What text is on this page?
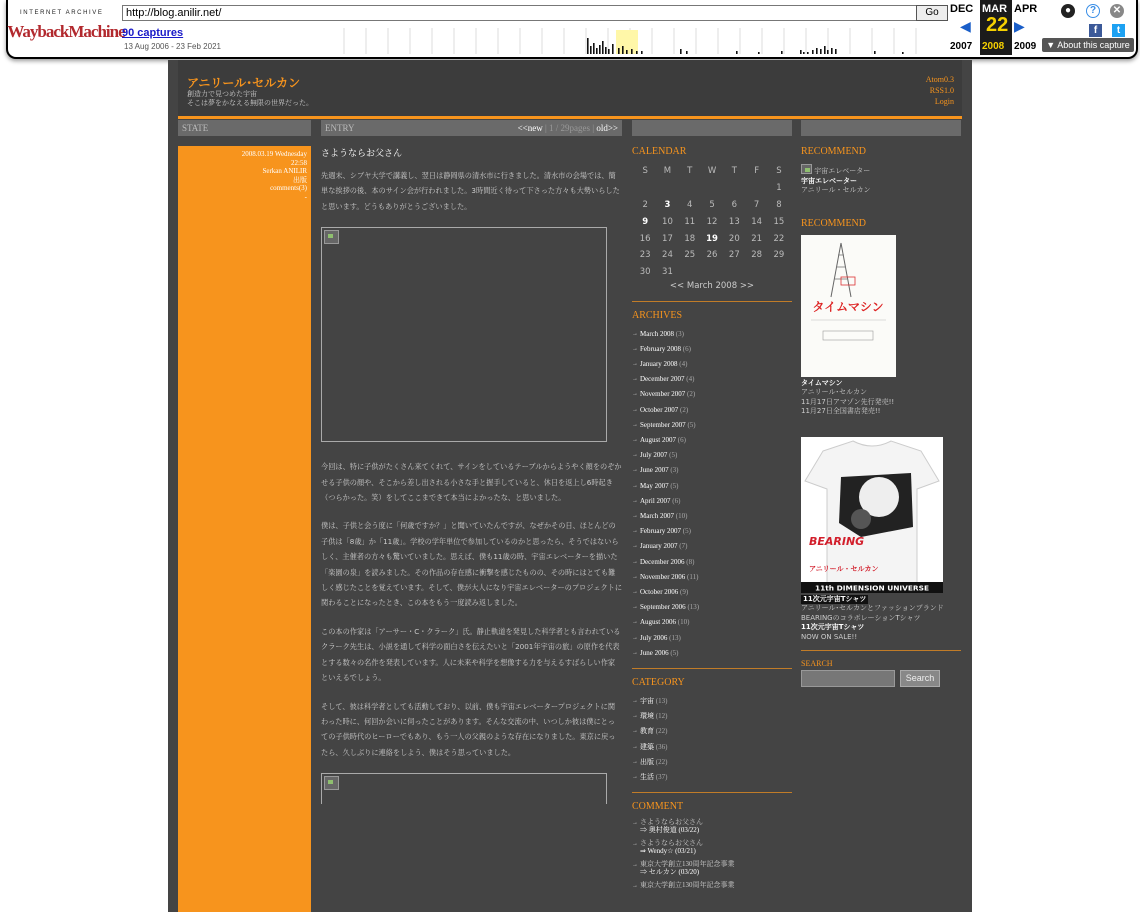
INTERNET ARCHIVE
WaybackMachine
http://blog.anilir.net/	Go
90 captures
13 Aug 2006 - 23 Feb 2021
DEC MAR
22
2008
APR
◀	▶
2007	2009
●	?	✕
f	t
▼ About this capture
アニリール･セルカン
創造力で見つめた宇宙
そこは夢をかなえる無限の世界だった。
Atom0.3
RSS1.0
Login
STATE	ENTRY	<<new | 1 / 29pages | old>>
2008.03.19 Wednesday
22:58
Serkan ANILIR
出版
comments(3)
-
さようならお父さん

先週末、シブヤ大学で講義し、翌日は静岡県の清水市に行きました。清水市の会場では、簡単な挨拶の後、本のサイン会が行われました。3時間近く待って下さった方々も大勢いらしたと思います。どうもありがとうございました。

今回は、特に子供がたくさん来てくれて、サインをしているテーブルからようやく顔をのぞかせる子供の顔や、そこから差し出される小さな手と握手していると、休日を返上し6時起き（つらかった。笑）をしてここまできて本当によかったな、と思いました。

僕は、子供と会う度に「何歳ですか？」と聞いていたんですが、なぜかその日、ほとんどの子供は「8歳」か「11歳」。学校の学年単位で参加しているのかと思ったら、そうではないらしく、主催者の方々も驚いていました。思えば、僕も11歳の時、宇宙エレベーターを描いた「楽園の泉」を読みました。その作品の存在感に衝撃を感じたものの、その時にはとても難しく感じたことを覚えています。そして、僕が大人になり宇宙エレベーターのプロジェクトに関わることになったとき、この本をもう一度読み返しました。

この本の作家は「アーサー・C・クラーク」氏。静止軌道を発見した科学者とも言われているクラーク先生は、小説を通して科学の面白さを伝えたいと「2001年宇宙の旅」の原作を代表とする数々の名作を発表しています。人に未来や科学を想像する力を与えるすばらしい作家といえるでしょう。

そして、彼は科学者としても活動しており、以前、僕も宇宙エレベータープロジェクトに関わった時に、何回か会いに伺ったことがあります。そんな交流の中、いつしか彼は僕にとっての子供時代のヒーローでもあり、もう一人の父親のような存在になりました。東京に戻ったら、久しぶりに連絡をしよう、僕はそう思っていました。

CALENDAR
S	M	T	W	T	F	S
						1
2	3	4	5	6	7	8
9	10	11	12	13	14	15
16	17	18	19	20	21	22
23	24	25	26	27	28	29
30	31					
<< March 2008 >>
ARCHIVES
→ March 2008 (3)
→ February 2008 (6)
→ January 2008 (4)
→ December 2007 (4)
→ November 2007 (2)
→ October 2007 (2)
→ September 2007 (5)
→ August 2007 (6)
→ July 2007 (5)
→ June 2007 (3)
→ May 2007 (5)
→ April 2007 (6)
→ March 2007 (10)
→ February 2007 (5)
→ January 2007 (7)
→ December 2006 (8)
→ November 2006 (11)
→ October 2006 (9)
→ September 2006 (13)
→ August 2006 (10)
→ July 2006 (13)
→ June 2006 (5)
CATEGORY
→ 宇宙 (13)
→ 環境 (12)
→ 教育 (22)
→ 建築 (36)
→ 出版 (22)
→ 生活 (37)
COMMENT
→ さようならお父さん
⇒ 奥村俊道 (03/22)
→ さようならお父さん
⇒ Wendy☆ (03/21)
→ 東京大学創立130周年記念事業
⇒ セルカン (03/20)
→ 東京大学創立130周年記念事業
RECOMMEND
宇宙エレベーター
宇宙エレベーター
アニリール・セルカン
RECOMMEND
タイムマシン
タイムマシン
アニリール･セルカン
11月17日アマゾン先行発売!!
11月27日全国書店発売!!
BEARING
アニリール・セルカン
11th DIMENSION UNIVERSE
11次元宇宙Tシャツ
アニリール･セルカンとファッションブランド
BEARINGのコラボレーションTシャツ
11次元宇宙Tシャツ
NOW ON SALE!!
SEARCH
Search
